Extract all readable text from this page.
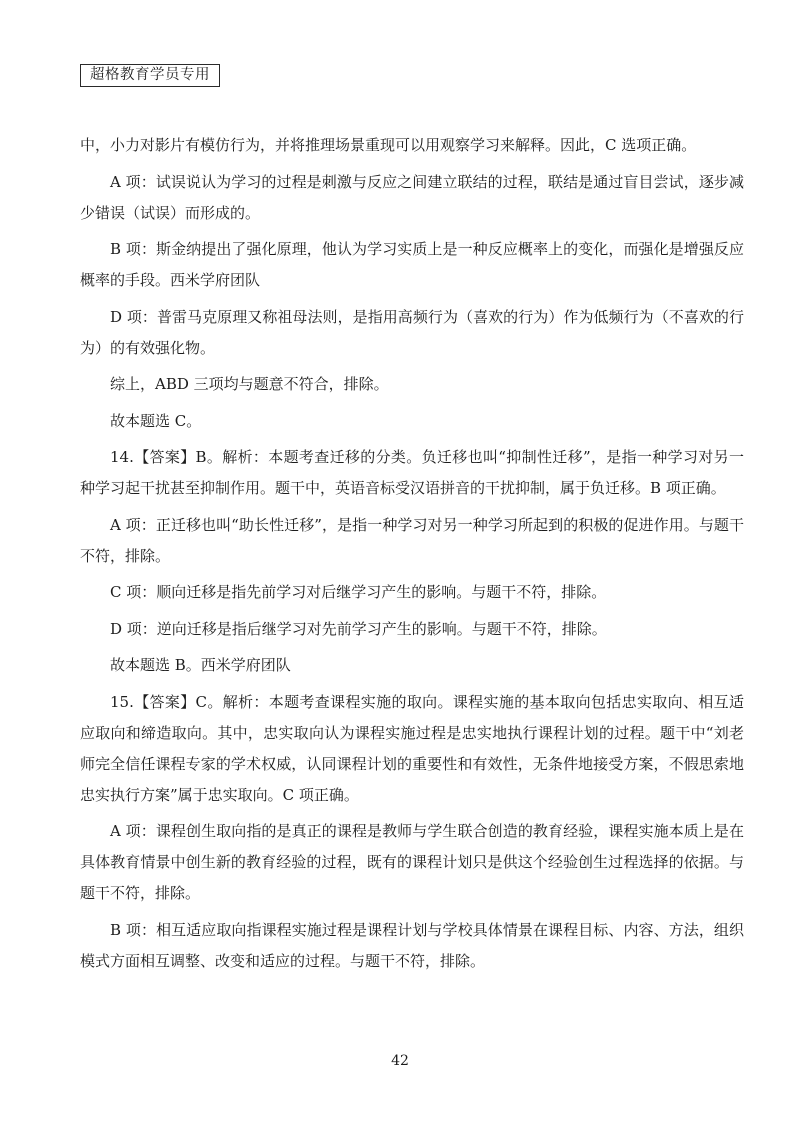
超格教育学员专用

中，小力对影片有模仿行为，并将推理场景重现可以用观察学习来解释。因此，C 选项正确。

A 项：试误说认为学习的过程是刺激与反应之间建立联结的过程，联结是通过盲目尝试，逐步减少错误（试误）而形成的。

B 项：斯金纳提出了强化原理，他认为学习实质上是一种反应概率上的变化，而强化是增强反应概率的手段。西米学府团队

D 项：普雷马克原理又称祖母法则，是指用高频行为（喜欢的行为）作为低频行为（不喜欢的行为）的有效强化物。

综上，ABD 三项均与题意不符合，排除。

故本题选 C。

14.【答案】B。解析：本题考查迁移的分类。负迁移也叫“抑制性迁移”，是指一种学习对另一种学习起干扰甚至抑制作用。题干中，英语音标受汉语拼音的干扰抑制，属于负迁移。B 项正确。

A 项：正迁移也叫“助长性迁移”，是指一种学习对另一种学习所起到的积极的促进作用。与题干不符，排除。

C 项：顺向迁移是指先前学习对后继学习产生的影响。与题干不符，排除。

D 项：逆向迁移是指后继学习对先前学习产生的影响。与题干不符，排除。

故本题选 B。西米学府团队

15.【答案】C。解析：本题考查课程实施的取向。课程实施的基本取向包括忠实取向、相互适应取向和缔造取向。其中，忠实取向认为课程实施过程是忠实地执行课程计划的过程。题干中“刘老师完全信任课程专家的学术权威，认同课程计划的重要性和有效性，无条件地接受方案，不假思索地忠实执行方案”属于忠实取向。C 项正确。

A 项：课程创生取向指的是真正的课程是教师与学生联合创造的教育经验，课程实施本质上是在具体教育情景中创生新的教育经验的过程，既有的课程计划只是供这个经验创生过程选择的依据。与题干不符，排除。

B 项：相互适应取向指课程实施过程是课程计划与学校具体情景在课程目标、内容、方法，组织模式方面相互调整、改变和适应的过程。与题干不符，排除。

42
